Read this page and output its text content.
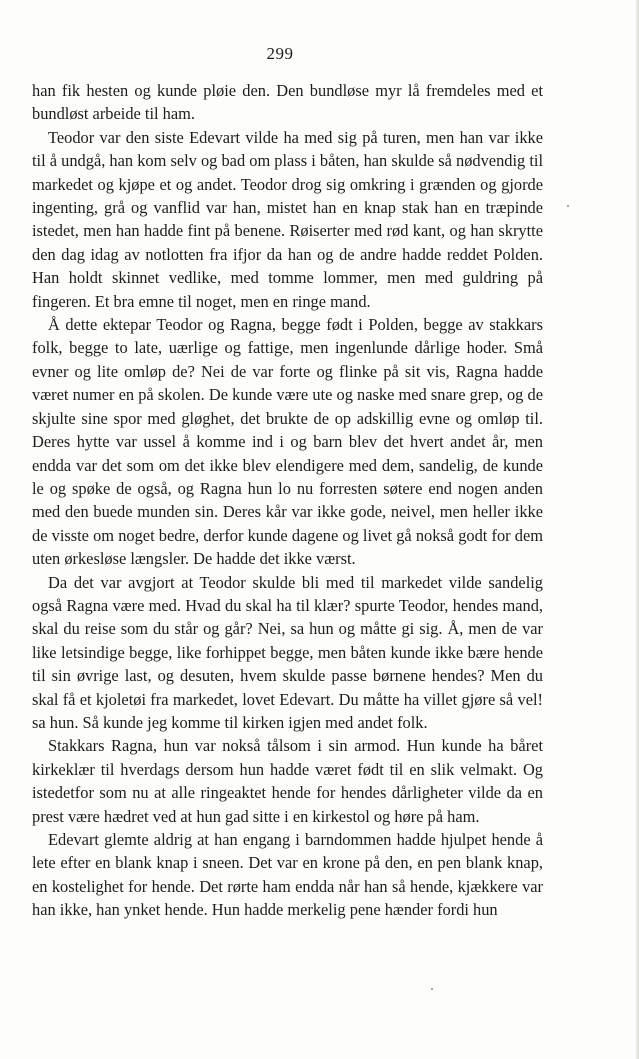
299

han fik hesten og kunde pløie den. Den bundløse myr lå fremdeles med et bundløst arbeide til ham.

Teodor var den siste Edevart vilde ha med sig på turen, men han var ikke til å undgå, han kom selv og bad om plass i båten, han skulde så nødvendig til markedet og kjøpe et og andet. Teodor drog sig omkring i grænden og gjorde ingenting, grå og vanflid var han, mistet han en knap stak han en træpinde istedet, men han hadde fint på benene. Røiserter med rød kant, og han skrytte den dag idag av notlotten fra ifjor da han og de andre hadde reddet Polden. Han holdt skinnet vedlike, med tomme lommer, men med guldring på fingeren. Et bra emne til noget, men en ringe mand.

Å dette ektepar Teodor og Ragna, begge født i Polden, begge av stakkars folk, begge to late, uærlige og fattige, men ingenlunde dårlige hoder. Små evner og lite omløp de? Nei de var forte og flinke på sit vis, Ragna hadde været numer en på skolen. De kunde være ute og naske med snare grep, og de skjulte sine spor med gløghet, det brukte de op adskillig evne og omløp til. Deres hytte var ussel å komme ind i og barn blev det hvert andet år, men endda var det som om det ikke blev elendigere med dem, sandelig, de kunde le og spøke de også, og Ragna hun lo nu forresten søtere end nogen anden med den buede munden sin. Deres kår var ikke gode, neivel, men heller ikke de visste om noget bedre, derfor kunde dagene og livet gå nokså godt for dem uten ørkesløse længsler. De hadde det ikke værst.

Da det var avgjort at Teodor skulde bli med til markedet vilde sandelig også Ragna være med. Hvad du skal ha til klær? spurte Teodor, hendes mand, skal du reise som du står og går? Nei, sa hun og måtte gi sig. Å, men de var like letsindige begge, like forhippet begge, men båten kunde ikke bære hende til sin øvrige last, og desuten, hvem skulde passe børnene hendes? Men du skal få et kjoletøi fra markedet, lovet Edevart. Du måtte ha villet gjøre så vel! sa hun. Så kunde jeg komme til kirken igjen med andet folk.

Stakkars Ragna, hun var nokså tålsom i sin armod. Hun kunde ha båret kirkeklær til hverdags dersom hun hadde været født til en slik velmakt. Og istedetfor som nu at alle ringeaktet hende for hendes dårligheter vilde da en prest være hædret ved at hun gad sitte i en kirkestol og høre på ham.

Edevart glemte aldrig at han engang i barndommen hadde hjulpet hende å lete efter en blank knap i sneen. Det var en krone på den, en pen blank knap, en kostelighet for hende. Det rørte ham endda når han så hende, kjækkere var han ikke, han ynket hende. Hun hadde merkelig pene hænder fordi hun
